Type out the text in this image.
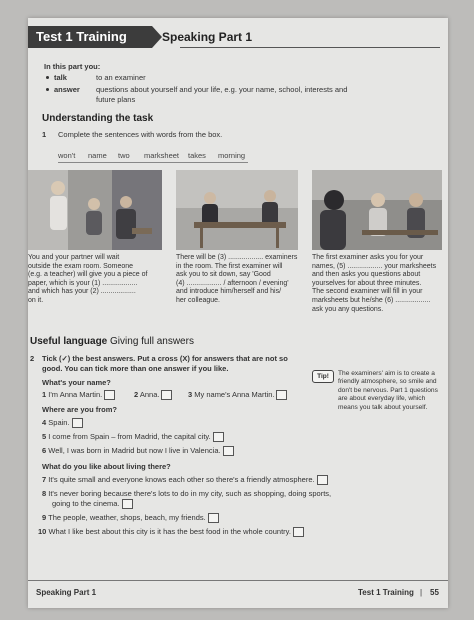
Test 1 Training	Speaking Part 1
In this part you:
talk	to an examiner
answer questions about yourself and your life, e.g. your name, school, interests and
future plans
Understanding the task
1 Complete the sentences with words from the box.
won't name two marksheet takes morning
You and your partner will wait
outside the exam room. Someone
(e.g. a teacher) will give you a piece of
paper, which is your (1) ..................
and which has your (2) ..................
on it.
There will be (3) .................. examiners
in the room. The first examiner will
ask you to sit down, say 'Good
(4) .................. / afternoon / evening'
and introduce him/herself and his/
her colleague.
The first examiner asks you for your
names, (5) .................. your marksheets
and then asks you questions about
yourselves for about three minutes.
The second examiner will fill in your
marksheets but he/she (6) ..................
ask you any questions.
Useful language Giving full answers
2 Tick (✓) the best answers. Put a cross (X) for answers that are not so
good. You can tick more than one answer if you like.
What's your name?
1 I'm Anna Martin.	2 Anna.	3 My name's Anna Martin.
Where are you from?
4 Spain.
5 I come from Spain – from Madrid, the capital city.
6 Well, I was born in Madrid but now I live in Valencia.
What do you like about living there?
7 It's quite small and everyone knows each other so there's a friendly atmosphere.
8 It's never boring because there's lots to do in my city, such as shopping, doing sports,
going to the cinema.
9 The people, weather, shops, beach, my friends.
10 What I like best about this city is it has the best food in the whole country.
Tip!	The examiners' aim is to create a
friendly atmosphere, so smile and
don't be nervous. Part 1 questions
are about everyday life, which
means you talk about yourself.
Speaking Part 1	Test 1 Training | 55
